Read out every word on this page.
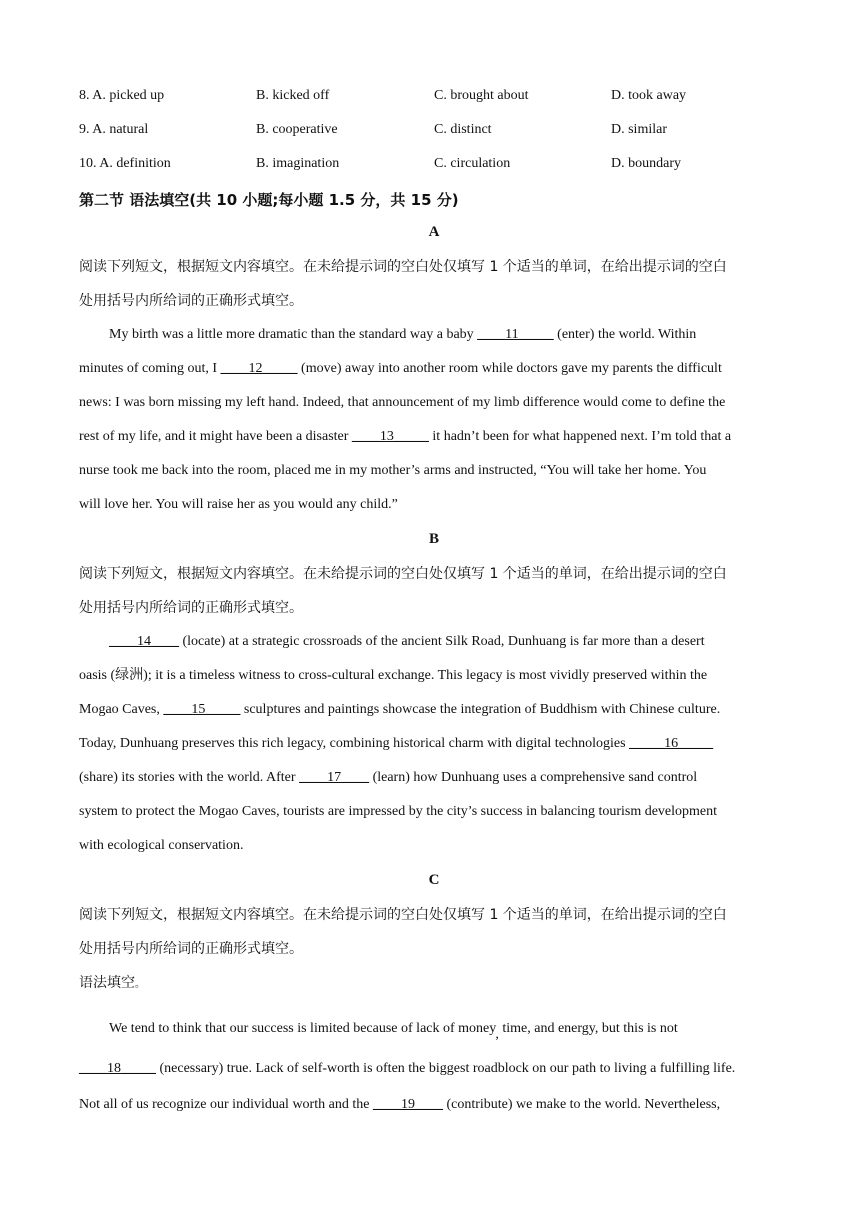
8. A. picked up	B. kicked off	C. brought about	D. took away
9. A. natural	B. cooperative	C. distinct	D. similar
10. A. definition	B. imagination	C. circulation	D. boundary
第二节 语法填空(共 10 小题;每小题 1.5 分，共 15 分)
A
阅读下列短文，根据短文内容填空。在未给提示词的空白处仅填写 1 个适当的单词，在给出提示词的空白
处用括号内所给词的正确形式填空。
My birth was a little more dramatic than the standard way a baby ____11_____ (enter) the world. Within
minutes of coming out, I ____12_____ (move) away into another room while doctors gave my parents the difficult
news: I was born missing my left hand. Indeed, that announcement of my limb difference would come to define the
rest of my life, and it might have been a disaster ____13_____ it hadn’t been for what happened next. I’m told that a
nurse took me back into the room, placed me in my mother’s arms and instructed, “You will take her home. You
will love her. You will raise her as you would any child.”
B
阅读下列短文，根据短文内容填空。在未给提示词的空白处仅填写 1 个适当的单词，在给出提示词的空白
处用括号内所给词的正确形式填空。
____14____ (locate) at a strategic crossroads of the ancient Silk Road, Dunhuang is far more than a desert
oasis (绿洲); it is a timeless witness to cross-cultural exchange. This legacy is most vividly preserved within the
Mogao Caves, ____15_____ sculptures and paintings showcase the integration of Buddhism with Chinese culture.
Today, Dunhuang preserves this rich legacy, combining historical charm with digital technologies _____16_____
(share) its stories with the world. After ____17____ (learn) how Dunhuang uses a comprehensive sand control
system to protect the Mogao Caves, tourists are impressed by the city’s success in balancing tourism development
with ecological conservation.
C
阅读下列短文，根据短文内容填空。在未给提示词的空白处仅填写 1 个适当的单词，在给出提示词的空白
处用括号内所给词的正确形式填空。
语法填空。
We tend to think that our success is limited because of lack of money, time, and energy, but this is not
____18_____ (necessary) true. Lack of self-worth is often the biggest roadblock on our path to living a fulfilling life.
Not all of us recognize our individual worth and the ____19____ (contribute) we make to the world. Nevertheless,
